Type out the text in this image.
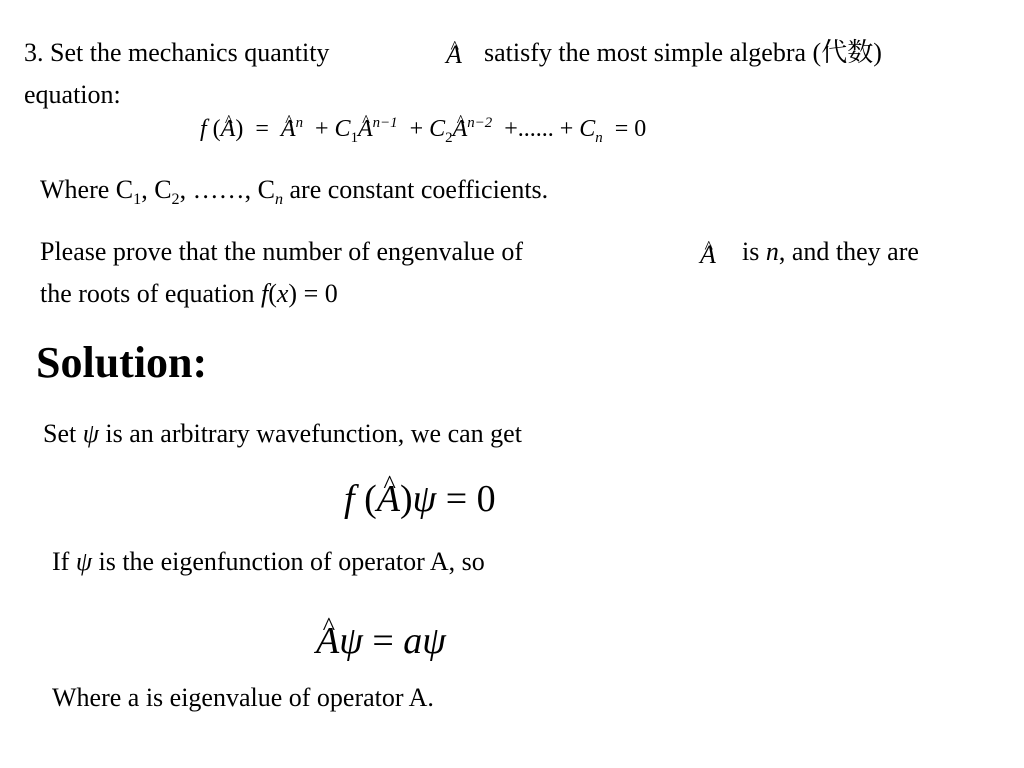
3. Set the mechanics quantity	^ A satisfy the most simple algebra (代数)
equation:
f (^ A) = ^ $A^n$ + $C_1\^{}$ $A^{n-1}$ + $C_2\^{}$ $A^{n-2}$ +...... + $C_n = 0$
Where $C_1$, $C_2$, ……, $C_n$ are constant coefficients.
Please prove that the number of engenvalue of	^ A is n, and they are
the roots of equation f(x) = 0
Solution:
Set ψ is an arbitrary wavefunction, we can get
f (^ A)ψ = 0
If ψ is the eigenfunction of operator A, so
^ Aψ = aψ
Where a is eigenvalue of operator A.
